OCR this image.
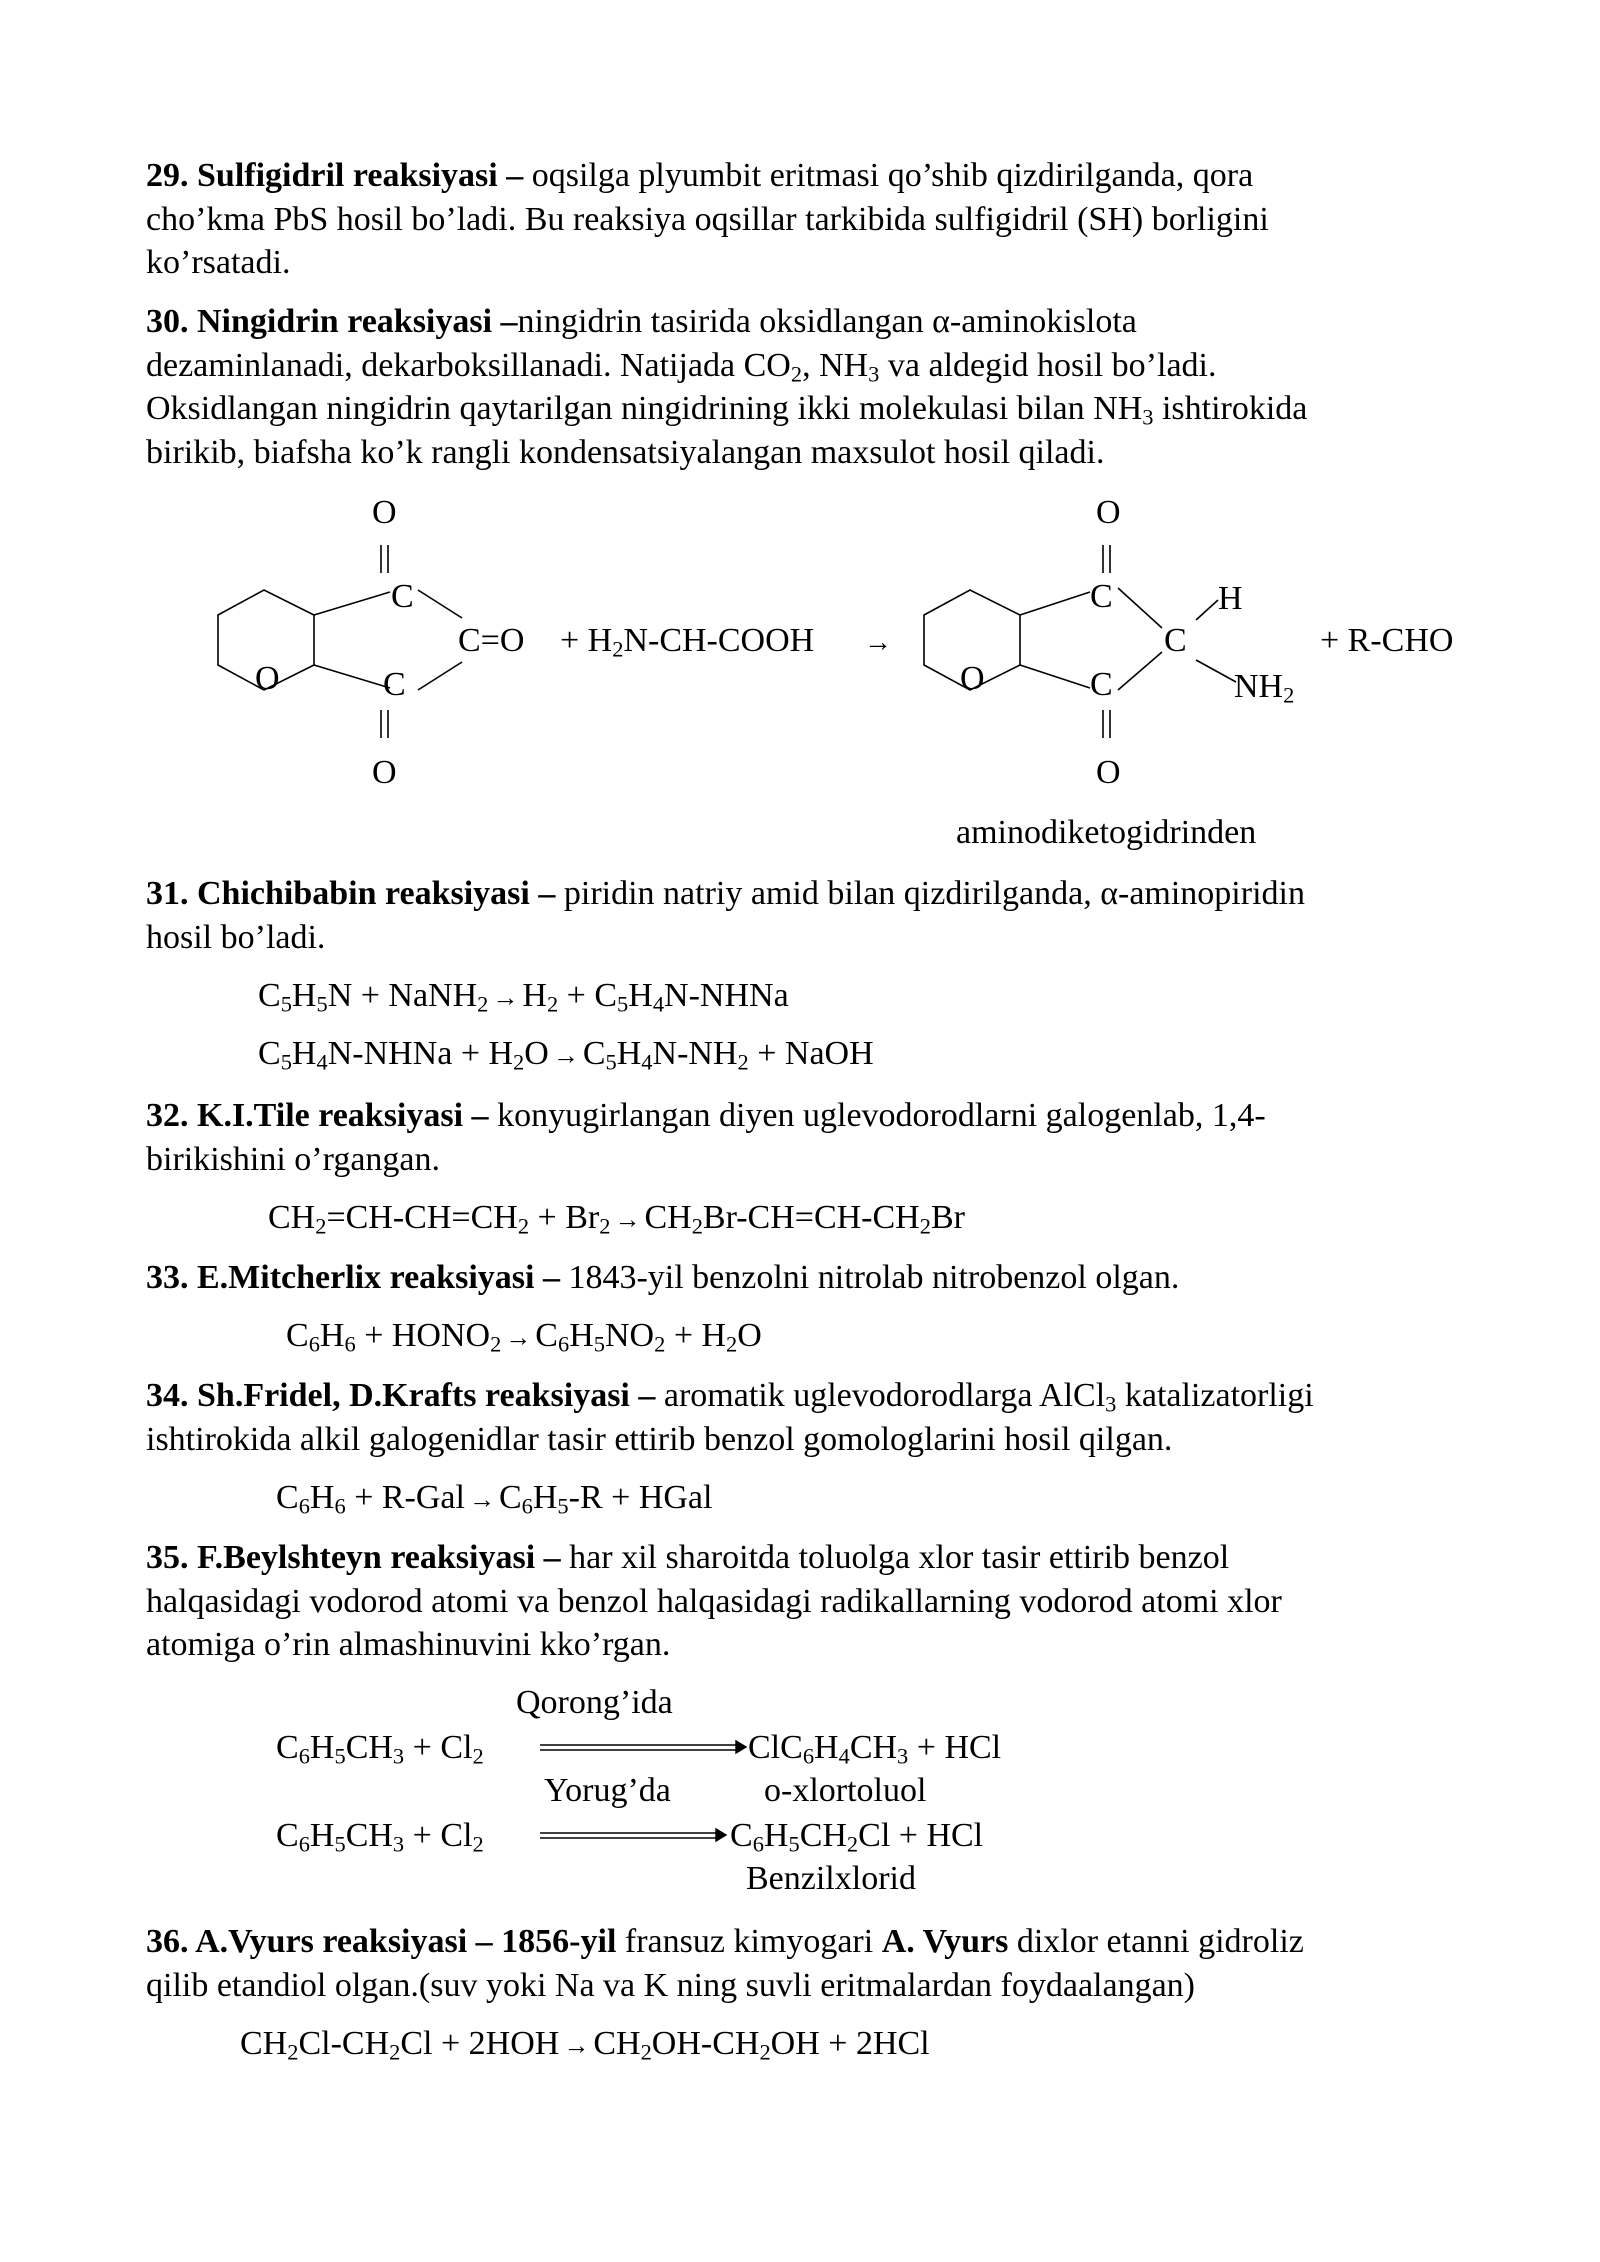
29. Sulfigidril reaksiyasi – oqsilga plyumbit eritmasi qo’shib qizdirilganda, qora
cho’kma PbS hosil bo’ladi. Bu reaksiya oqsillar tarkibida sulfigidril (SH) borligini
ko’rsatadi.

30. Ningidrin reaksiyasi –ningidrin tasirida oksidlangan α-aminokislota
dezaminlanadi, dekarboksillanadi. Natijada $CO_2$, $NH_3$ va aldegid hosil bo’ladi.
Oksidlangan ningidrin qaytarilgan ningidrining ikki molekulasi bilan $NH_3$ ishtirokida
birikib, biafsha ko’k rangli kondensatsiyalangan maxsulot hosil qiladi.

O
C
O	C
O
$C=O + H_2N-CH$-COOH →
O
C
O	C
O
C
H
$NH_2$
+ R-CHO
aminodiketogidrinden

31. Chichibabin reaksiyasi – piridin natriy amid bilan qizdirilganda, α-aminopiridin
hosil bo’ladi.

$C_5H_5N$ + NaNH$_2$ → $H_2$ + $C_5H_4N$-NHNa
$C_5H_4N$-NHNa + $H_2O \to C_5H_4N-NH_2$ + NaOH

32. K.I.Tile reaksiyasi – konyugirlangan diyen uglevodorodlarni galogenlab, 1,4-
birikishini o’rgangan.

$CH_2=CH-CH=CH_2 + Br_2 \to CH_2Br-CH=CH-CH_2Br$

33. E.Mitcherlix reaksiyasi – 1843-yil benzolni nitrolab nitrobenzol olgan.

$C_6H_6$ + $HONO_2 \to C_6H_5NO_2 + H_2O$

34. Sh.Fridel, D.Krafts reaksiyasi – aromatik uglevodorodlarga AlCl$_3$ katalizatorligi
ishtirokida alkil galogenidlar tasir ettirib benzol gomologlarini hosil qilgan.

$C_6H_6 + R-Gal \to C_6H_5-R$ + HGal

35. F.Beylshteyn reaksiyasi – har xil sharoitda toluolga xlor tasir ettirib benzol
halqasidagi vodorod atomi va benzol halqasidagi radikallarning vodorod atomi xlor
atomiga o’rin almashinuvini kko’rgan.

Qorong’ida
$C_6H_5CH_3 + Cl_2$	$ClC_6H_4CH_3$ + HCl
Yorug’da	o-xlortoluol
$C_6H_5CH_3 + Cl_2$	$C_6H_5CH_2Cl$ + HCl
Benzilxlorid

36. A.Vyurs reaksiyasi – 1856-yil fransuz kimyogari A. Vyurs dixlor etanni gidroliz
qilib etandiol olgan.(suv yoki Na va K ning suvli eritmalardan foydaalangan)

$CH_2Cl-CH_2Cl + 2HOH \to CH_2OH-CH_2OH + 2HCl$
